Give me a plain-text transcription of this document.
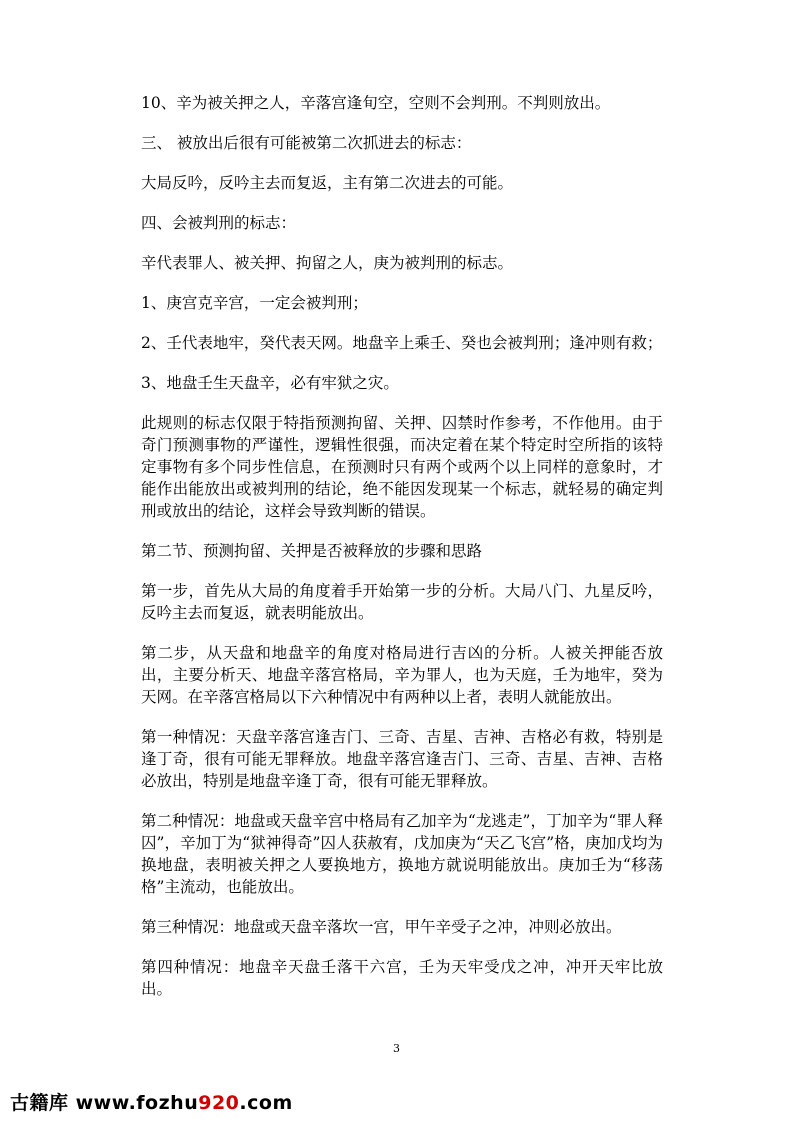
10、辛为被关押之人，辛落宫逢旬空，空则不会判刑。不判则放出。

三、 被放出后很有可能被第二次抓进去的标志：

大局反吟，反吟主去而复返，主有第二次进去的可能。

四、会被判刑的标志：

辛代表罪人、被关押、拘留之人，庚为被判刑的标志。

1、庚宫克辛宫，一定会被判刑；

2、壬代表地牢，癸代表天网。地盘辛上乘壬、癸也会被判刑；逢冲则有救；

3、地盘壬生天盘辛，必有牢狱之灾。

此规则的标志仅限于特指预测拘留、关押、囚禁时作参考，不作他用。由于奇门预测事物的严谨性，逻辑性很强，而决定着在某个特定时空所指的该特定事物有多个同步性信息，在预测时只有两个或两个以上同样的意象时，才能作出能放出或被判刑的结论，绝不能因发现某一个标志，就轻易的确定判刑或放出的结论，这样会导致判断的错误。

第二节、预测拘留、关押是否被释放的步骤和思路

第一步，首先从大局的角度着手开始第一步的分析。大局八门、九星反吟，反吟主去而复返，就表明能放出。

第二步，从天盘和地盘辛的角度对格局进行吉凶的分析。人被关押能否放出，主要分析天、地盘辛落宫格局，辛为罪人，也为天庭，壬为地牢，癸为天网。在辛落宫格局以下六种情况中有两种以上者，表明人就能放出。

第一种情况：天盘辛落宫逢吉门、三奇、吉星、吉神、吉格必有救，特别是逢丁奇，很有可能无罪释放。地盘辛落宫逢吉门、三奇、吉星、吉神、吉格必放出，特别是地盘辛逢丁奇，很有可能无罪释放。

第二种情况：地盘或天盘辛宫中格局有乙加辛为“龙逃走”，丁加辛为“罪人释囚”，辛加丁为“狱神得奇”囚人获赦宥，戊加庚为“天乙飞宫”格，庚加戊均为换地盘，表明被关押之人要换地方，换地方就说明能放出。庚加壬为“移荡格”主流动，也能放出。

第三种情况：地盘或天盘辛落坎一宫，甲午辛受子之冲，冲则必放出。

第四种情况：地盘辛天盘壬落干六宫，壬为天牢受戊之冲，冲开天牢比放出。

3
古籍库 www.fozhu920.com
